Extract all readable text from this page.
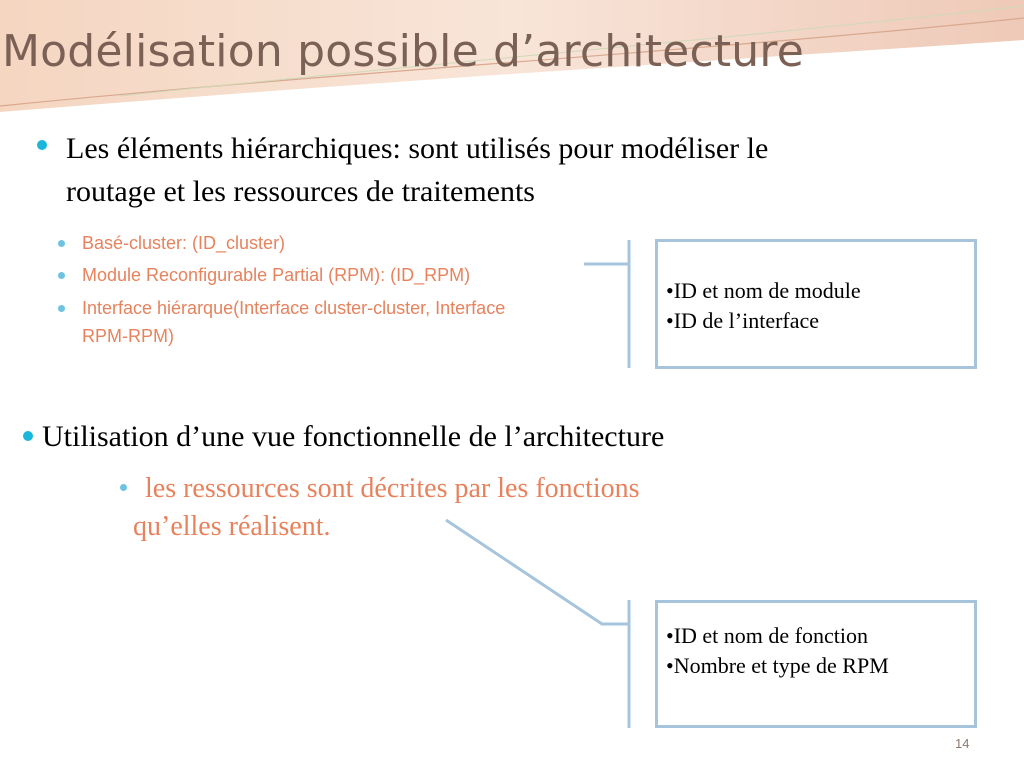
Modélisation possible d’architecture
Les éléments hiérarchiques: sont utilisés pour modéliser le
routage et les ressources de traitements
Basé-cluster: (ID_cluster)
Module Reconfigurable Partial (RPM): (ID_RPM)
Interface hiérarque(Interface cluster-cluster, Interface
RPM-RPM)
•ID et nom de module
•ID de l’interface
Utilisation d’une vue fonctionnelle de l’architecture
les ressources sont décrites par les fonctions
qu’elles réalisent.
•ID et nom de fonction
•Nombre et type de RPM
14
